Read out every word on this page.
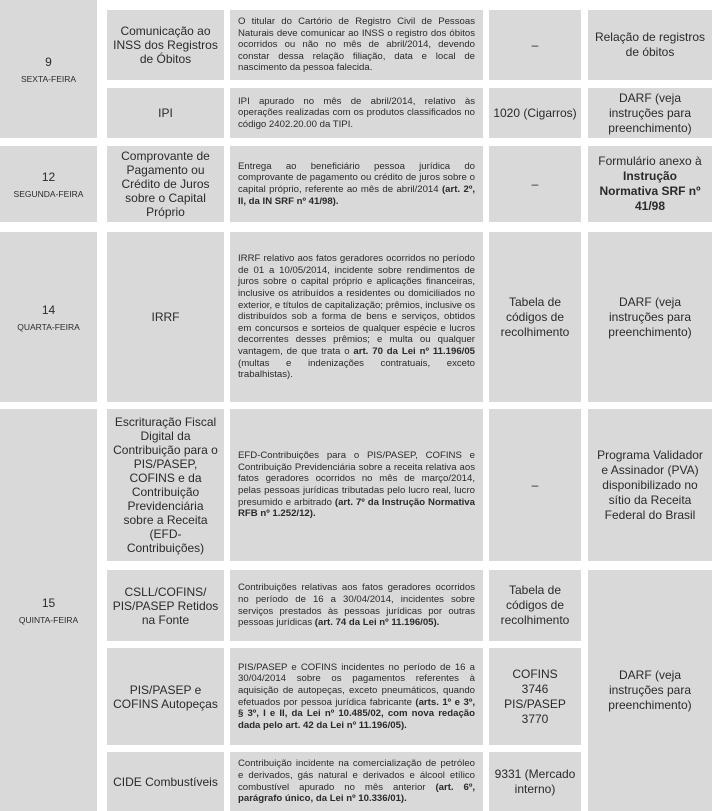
9
SEXTA-FEIRA
Comunicação ao INSS dos Registros de Óbitos
O titular do Cartório de Registro Civil de Pessoas Naturais deve comunicar ao INSS o registro dos óbitos ocorridos ou não no mês de abril/2014, devendo constar dessa relação filiação, data e local de nascimento da pessoa falecida.
–
Relação de registros de óbitos
IPI
IPI apurado no mês de abril/2014, relativo às operações realizadas com os produtos classificados no código 2402.20.00 da TIPI.
1020 (Cigarros)
DARF (veja instruções para preenchimento)
12
SEGUNDA-FEIRA
Comprovante de Pagamento ou Crédito de Juros sobre o Capital Próprio
Entrega ao beneficiário pessoa jurídica do comprovante de pagamento ou crédito de juros sobre o capital próprio, referente ao mês de abril/2014 (art. 2º, II, da IN SRF nº 41/98).
–
Formulário anexo à Instrução Normativa SRF nº 41/98
14
QUARTA-FEIRA
IRRF
IRRF relativo aos fatos geradores ocorridos no período de 01 a 10/05/2014, incidente sobre rendimentos de juros sobre o capital próprio e aplicações financeiras, inclusive os atribuídos a residentes ou domiciliados no exterior, e títulos de capitalização; prêmios, inclusive os distribuídos sob a forma de bens e serviços, obtidos em concursos e sorteios de qualquer espécie e lucros decorrentes desses prêmios; e multa ou qualquer vantagem, de que trata o art. 70 da Lei nº 11.196/05 (multas e indenizações contratuais, exceto trabalhistas).
Tabela de códigos de recolhimento
DARF (veja instruções para preenchimento)
15
QUINTA-FEIRA
Escrituração Fiscal Digital da Contribuição para o PIS/PASEP, COFINS e da Contribuição Previdenciária sobre a Receita (EFD-Contribuições)
EFD-Contribuições para o PIS/PASEP, COFINS e Contribuição Previdenciária sobre a receita relativa aos fatos geradores ocorridos no mês de março/2014, pelas pessoas jurídicas tributadas pelo lucro real, lucro presumido e arbitrado (art. 7º da Instrução Normativa RFB nº 1.252/12).
–
Programa Validador e Assinador (PVA) disponibilizado no sítio da Receita Federal do Brasil
CSLL/COFINS/ PIS/PASEP Retidos na Fonte
Contribuições relativas aos fatos geradores ocorridos no período de 16 a 30/04/2014, incidentes sobre serviços prestados às pessoas jurídicas por outras pessoas jurídicas (art. 74 da Lei nº 11.196/05).
Tabela de códigos de recolhimento
PIS/PASEP e COFINS Autopeças
PIS/PASEP e COFINS incidentes no período de 16 a 30/04/2014 sobre os pagamentos referentes à aquisição de autopeças, exceto pneumáticos, quando efetuados por pessoa jurídica fabricante (arts. 1º e 3º, § 3º, I e II, da Lei nº 10.485/02, com nova redação dada pelo art. 42 da Lei nº 11.196/05).
COFINS
3746
PIS/PASEP
3770
CIDE Combustíveis
Contribuição incidente na comercialização de petróleo e derivados, gás natural e derivados e álcool etílico combustível apurado no mês anterior (art. 6º, parágrafo único, da Lei nº 10.336/01).
9331 (Mercado interno)
DARF (veja instruções para preenchimento)
